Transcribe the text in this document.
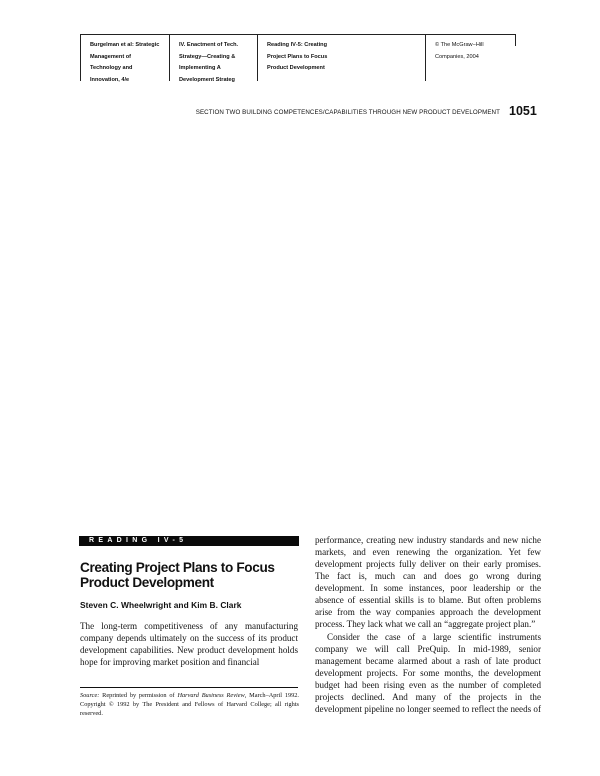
Burgelman et al: Strategic
Management of
Technology and
Innovation, 4/e
IV. Enactment of Tech.
Strategy—Creating &
Implementing A
Development Strateg
Reading IV‑5: Creating
Project Plans to Focus
Product Development
© The McGraw−Hill
Companies, 2004
SECTION TWO BUILDING COMPETENCES/CAPABILITIES THROUGH NEW PRODUCT DEVELOPMENT 1051
READING IV-5
Creating Project Plans to Focus Product Development
Steven C. Wheelwright and Kim B. Clark
The long-term competitiveness of any manufacturing company depends ultimately on the success of its product development capabilities. New product development holds hope for improving market position and financial
Source: Reprinted by permission of Harvard Business Review, March–April 1992. Copyright © 1992 by The President and Fellows of Harvard College; all rights reserved.

performance, creating new industry standards and new niche markets, and even renewing the organization. Yet few development projects fully deliver on their early promises. The fact is, much can and does go wrong during development. In some instances, poor leadership or the absence of essential skills is to blame. But often problems arise from the way companies approach the development process. They lack what we call an “aggregate project plan.”

Consider the case of a large scientific instruments company we will call PreQuip. In mid-1989, senior management became alarmed about a rash of late product development projects. For some months, the development budget had been rising even as the number of completed projects declined. And many of the projects in the development pipeline no longer seemed to reflect the needs of
